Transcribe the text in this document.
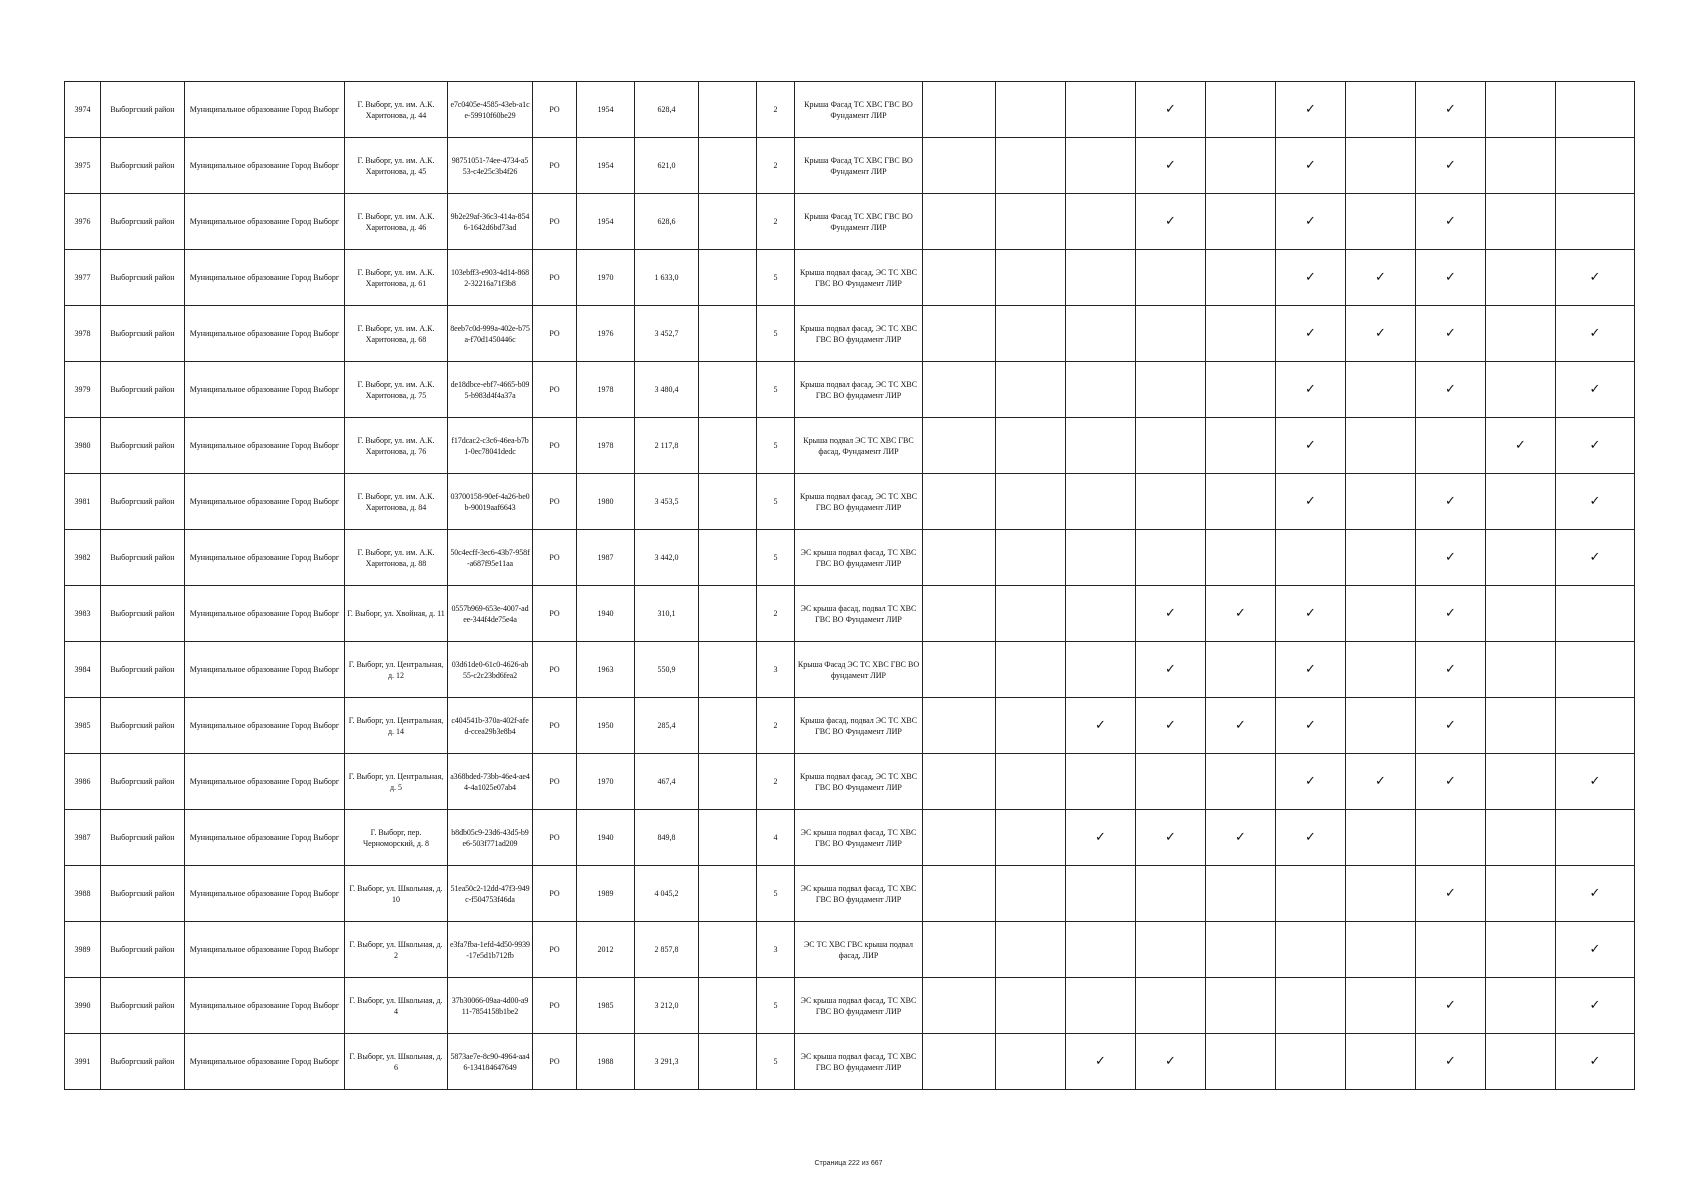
3974	Выборгский район	Муниципальное образование Город Выборг	Г. Выборг, ул. им. А.К. Харитонова, д. 44	e7c0405e-4585-43eb-a1ce-59910f60be29	РО	1954	628,4		2	Крыша Фасад ТС ХВС ГВС ВО Фундамент ЛИР				✓		✓		✓		
3975	Выборгский район	Муниципальное образование Город Выборг	Г. Выборг, ул. им. А.К. Харитонова, д. 45	98751051-74ee-4734-a553-c4e25c3b4f26	РО	1954	621,0		2	Крыша Фасад ТС ХВС ГВС ВО Фундамент ЛИР				✓		✓		✓		
3976	Выборгский район	Муниципальное образование Город Выборг	Г. Выборг, ул. им. А.К. Харитонова, д. 46	9b2e29af-36c3-414a-8546-1642d6bd73ad	РО	1954	628,6		2	Крыша Фасад ТС ХВС ГВС ВО Фундамент ЛИР				✓		✓		✓		
3977	Выборгский район	Муниципальное образование Город Выборг	Г. Выборг, ул. им. А.К. Харитонова, д. 61	103ebff3-e903-4d14-8682-32216a71f3b8	РО	1970	1 633,0		5	Крыша подвал фасад, ЭС ТС ХВС ГВС ВО Фундамент ЛИР						✓	✓	✓		✓
3978	Выборгский район	Муниципальное образование Город Выборг	Г. Выборг, ул. им. А.К. Харитонова, д. 68	8eeb7c0d-999a-402e-b75a-f70d1450446c	РО	1976	3 452,7		5	Крыша подвал фасад, ЭС ТС ХВС ГВС ВО фундамент ЛИР						✓	✓	✓		✓
3979	Выборгский район	Муниципальное образование Город Выборг	Г. Выборг, ул. им. А.К. Харитонова, д. 75	de18dbce-ebf7-4665-b095-b983d4f4a37a	РО	1978	3 480,4		5	Крыша подвал фасад, ЭС ТС ХВС ГВС ВО фундамент ЛИР						✓		✓		✓
3980	Выборгский район	Муниципальное образование Город Выборг	Г. Выборг, ул. им. А.К. Харитонова, д. 76	f17dcac2-c3c6-46ea-b7b1-0ec78041dedc	РО	1978	2 117,8		5	Крыша подвал ЭС ТС ХВС ГВС фасад, Фундамент ЛИР						✓			✓	✓
3981	Выборгский район	Муниципальное образование Город Выборг	Г. Выборг, ул. им. А.К. Харитонова, д. 84	03700158-90ef-4a26-be0b-90019aaf6643	РО	1980	3 453,5		5	Крыша подвал фасад, ЭС ТС ХВС ГВС ВО фундамент ЛИР						✓		✓		✓
3982	Выборгский район	Муниципальное образование Город Выборг	Г. Выборг, ул. им. А.К. Харитонова, д. 88	50c4ecff-3ec6-43b7-958f-a687f95e11aa	РО	1987	3 442,0		5	ЭС крыша подвал фасад, ТС ХВС ГВС ВО фундамент ЛИР								✓		✓
3983	Выборгский район	Муниципальное образование Город Выборг	Г. Выборг, ул. Хвойная, д. 11	0557b969-653e-4007-adee-344f4de75e4a	РО	1940	310,1		2	ЭС крыша фасад, подвал ТС ХВС ГВС ВО Фундамент ЛИР				✓	✓	✓		✓		
3984	Выборгский район	Муниципальное образование Город Выборг	Г. Выборг, ул. Центральная, д. 12	03d61de0-61c0-4626-ab55-c2c23bd6fea2	РО	1963	550,9		3	Крыша Фасад ЭС ТС ХВС ГВС ВО фундамент ЛИР				✓		✓		✓		
3985	Выборгский район	Муниципальное образование Город Выборг	Г. Выборг, ул. Центральная, д. 14	c404541b-370a-402f-afed-ccea29b3e8b4	РО	1950	285,4		2	Крыша фасад, подвал ЭС ТС ХВС ГВС ВО Фундамент ЛИР			✓	✓	✓	✓		✓		
3986	Выборгский район	Муниципальное образование Город Выборг	Г. Выборг, ул. Центральная, д. 5	a368bded-73bb-46e4-ae44-4a1025e07ab4	РО	1970	467,4		2	Крыша подвал фасад, ЭС ТС ХВС ГВС ВО Фундамент ЛИР						✓	✓	✓		✓
3987	Выборгский район	Муниципальное образование Город Выборг	Г. Выборг, пер. Черноморский, д. 8	b8db05c9-23d6-43d5-b9e6-503f771ad209	РО	1940	849,8		4	ЭС крыша подвал фасад, ТС ХВС ГВС ВО Фундамент ЛИР			✓	✓	✓	✓				
3988	Выборгский район	Муниципальное образование Город Выборг	Г. Выборг, ул. Школьная, д. 10	51ea50c2-12dd-47f3-949c-f504753f46da	РО	1989	4 045,2		5	ЭС крыша подвал фасад, ТС ХВС ГВС ВО фундамент ЛИР								✓		✓
3989	Выборгский район	Муниципальное образование Город Выборг	Г. Выборг, ул. Школьная, д. 2	e3fa7fba-1efd-4d50-9939-17e5d1b712fb	РО	2012	2 857,8		3	ЭС ТС ХВС ГВС крыша подвал фасад, ЛИР										✓
3990	Выборгский район	Муниципальное образование Город Выборг	Г. Выборг, ул. Школьная, д. 4	37b30066-09aa-4d00-a911-7854158b1be2	РО	1985	3 212,0		5	ЭС крыша подвал фасад, ТС ХВС ГВС ВО фундамент ЛИР								✓		✓
3991	Выборгский район	Муниципальное образование Город Выборг	Г. Выборг, ул. Школьная, д. 6	5873ae7e-8c90-4964-aa46-134184647649	РО	1988	3 291,3		5	ЭС крыша подвал фасад, ТС ХВС ГВС ВО фундамент ЛИР			✓	✓				✓		✓
Страница 222 из 667
